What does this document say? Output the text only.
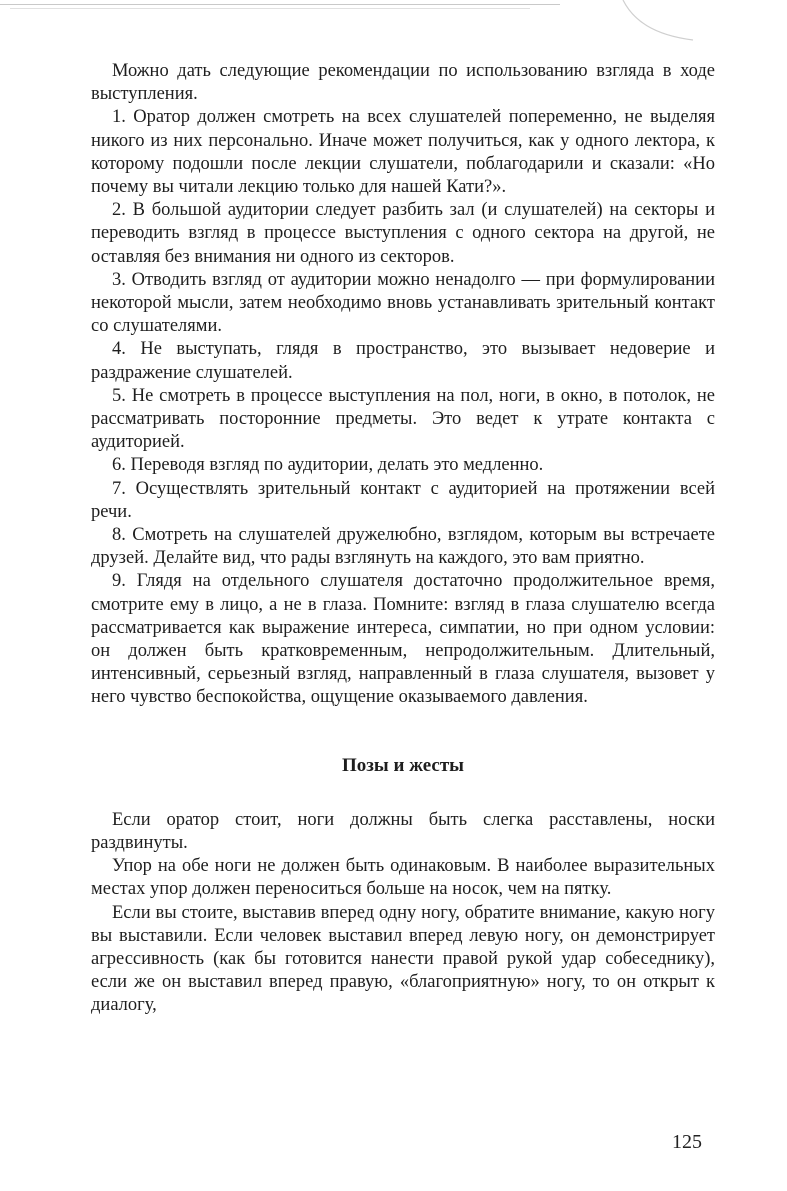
Можно дать следующие рекомендации по использованию взгляда в ходе выступления.

1. Оратор должен смотреть на всех слушателей попеременно, не выделяя никого из них персонально. Иначе может получиться, как у одного лектора, к которому подошли после лекции слушатели, поблагодарили и сказали: «Но почему вы читали лекцию только для нашей Кати?».

2. В большой аудитории следует разбить зал (и слушателей) на секторы и переводить взгляд в процессе выступления с одного сектора на другой, не оставляя без внимания ни одного из секторов.

3. Отводить взгляд от аудитории можно ненадолго — при формулировании некоторой мысли, затем необходимо вновь устанавливать зрительный контакт со слушателями.

4. Не выступать, глядя в пространство, это вызывает недоверие и раздражение слушателей.

5. Не смотреть в процессе выступления на пол, ноги, в окно, в потолок, не рассматривать посторонние предметы. Это ведет к утрате контакта с аудиторией.

6. Переводя взгляд по аудитории, делать это медленно.

7. Осуществлять зрительный контакт с аудиторией на протяжении всей речи.

8. Смотреть на слушателей дружелюбно, взглядом, которым вы встречаете друзей. Делайте вид, что рады взглянуть на каждого, это вам приятно.

9. Глядя на отдельного слушателя достаточно продолжительное время, смотрите ему в лицо, а не в глаза. Помните: взгляд в глаза слушателю всегда рассматривается как выражение интереса, симпатии, но при одном условии: он должен быть кратковременным, непродолжительным. Длительный, интенсивный, серьезный взгляд, направленный в глаза слушателя, вызовет у него чувство беспокойства, ощущение оказываемого давления.

Позы и жесты

Если оратор стоит, ноги должны быть слегка расставлены, носки раздвинуты.

Упор на обе ноги не должен быть одинаковым. В наиболее выразительных местах упор должен переноситься больше на носок, чем на пятку.

Если вы стоите, выставив вперед одну ногу, обратите внимание, какую ногу вы выставили. Если человек выставил вперед левую ногу, он демонстрирует агрессивность (как бы готовится нанести правой рукой удар собеседнику), если же он выставил вперед правую, «благоприятную» ногу, то он открыт к диалогу,

125
